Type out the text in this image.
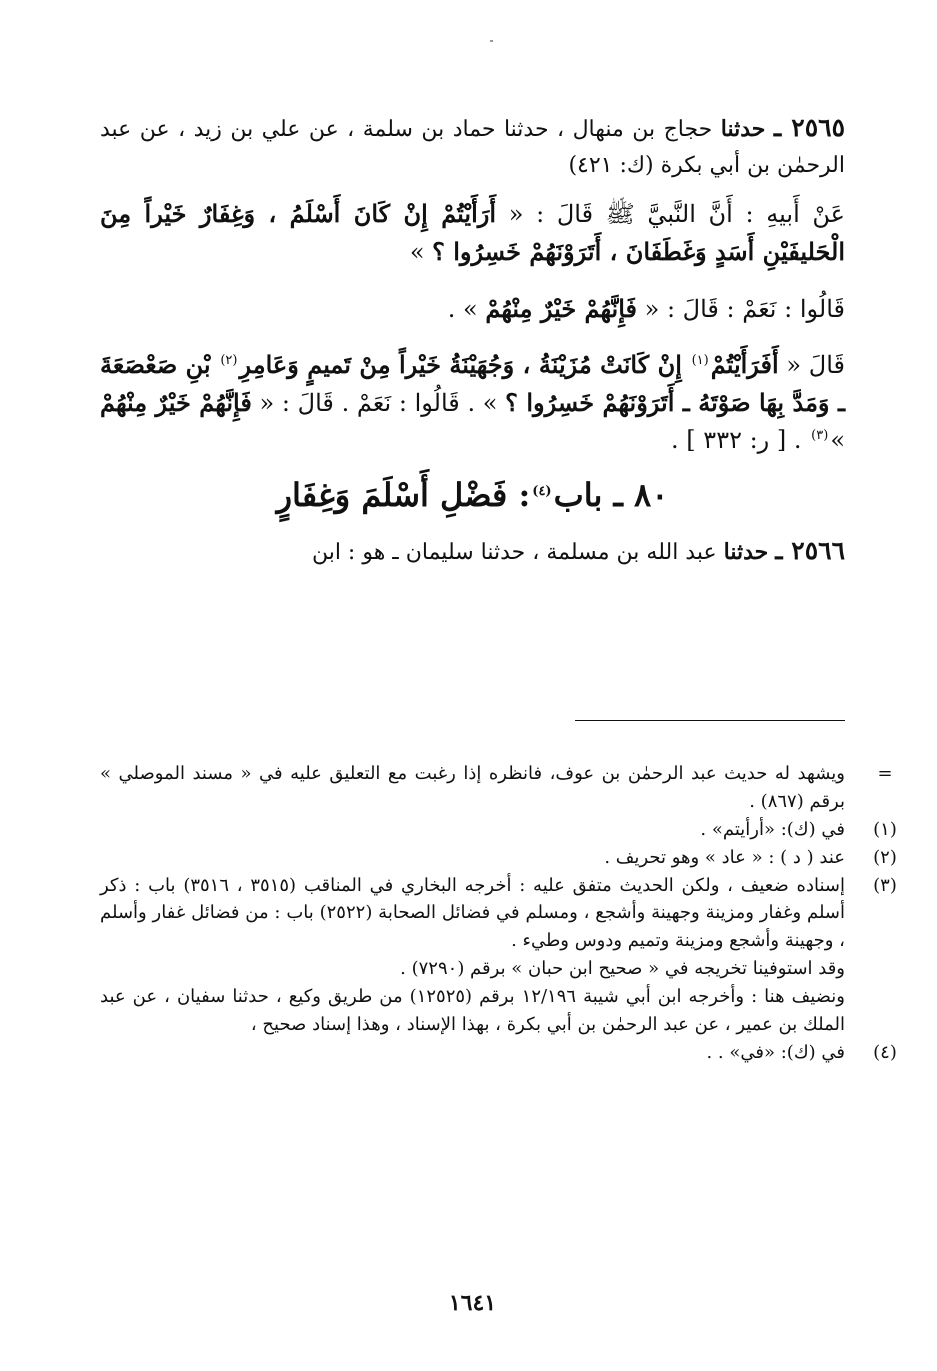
٢٥٦٥ ـ حدثنا حجاج بن منهال ، حدثنا حماد بن سلمة ، عن علي بن زيد ، عن عبد الرحمٰن بن أبي بكرة (ك: ٤٢١)

عَنْ أَبيهِ : أَنَّ النَّبيَّ ﷺ قَالَ : « أَرَأَيْتُمْ إِنْ كَانَ أَسْلَمُ ، وَغِفَارٌ خَيْراً مِنَ الْحَليفَيْنِ أَسَدٍ وَغَطَفَانَ ، أَتَرَوْنَهُمْ خَسِرُوا ؟ »

قَالُوا : نَعَمْ : قَالَ : « فَإِنَّهُمْ خَيْرٌ مِنْهُمْ » .

قَالَ « أَفَرَأَيْتُمْ$^{(١)}$ إِنْ كَانَتْ مُزَيْنَةُ ، وَجُهَيْنَةُ خَيْراً مِنْ تَميمٍ وَعَامِرِ$^{(٢)}$ بْنِ صَعْصَعَةَ ـ وَمَدَّ بِهَا صَوْتَهُ ـ أَتَرَوْنَهُمْ خَسِرُوا ؟ » . قَالُوا : نَعَمْ . قَالَ : « فَإِنَّهُمْ خَيْرٌ مِنْهُمْ »$^{(٣)}$ . [ ر: ٣٣٢ ] .

٨٠ ـ باب$^{(٤)}$: فَضْلِ أَسْلَمَ وَغِفَارٍ

٢٥٦٦ ـ حدثنا عبد الله بن مسلمة ، حدثنا سليمان ـ هو : ابن

=
ويشهد له حديث عبد الرحمٰن بن عوف، فانظره إذا رغبت مع التعليق عليه في « مسند الموصلي » برقم (٨٦٧) .

(١)
في (ك): «أرأيتم» .

(٢)
عند ( د ) : « عاد » وهو تحريف .

(٣)
إسناده ضعيف ، ولكن الحديث متفق عليه : أخرجه البخاري في المناقب (٣٥١٥ ، ٣٥١٦) باب : ذكر أسلم وغفار ومزينة وجهينة وأشجع ، ومسلم في فضائل الصحابة (٢٥٢٢) باب : من فضائل غفار وأسلم ، وجهينة وأشجع ومزينة وتميم ودوس وطيء .

وقد استوفينا تخريجه في « صحيح ابن حبان » برقم (٧٢٩٠) .

ونضيف هنا : وأخرجه ابن أبي شيبة ١٢/١٩٦ برقم (١٢٥٢٥) من طريق وكيع ، حدثنا سفيان ، عن عبد الملك بن عمير ، عن عبد الرحمٰن بن أبي بكرة ، بهذا الإسناد ، وهذا إسناد صحيح ،

(٤)
في (ك): «في» . .

١٦٤١
